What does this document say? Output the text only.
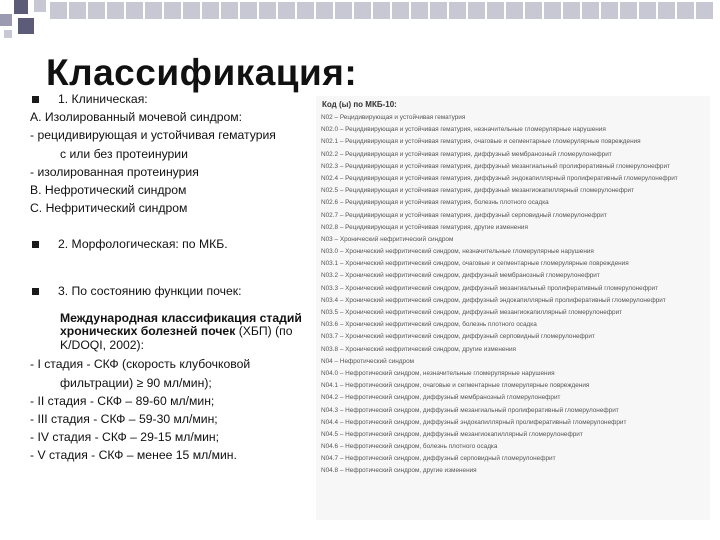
Классификация:
1. Клиническая:
А. Изолированный мочевой синдром:
- рецидивирующая и устойчивая гематурия
с или без протеинурии
- изолированная протеинурия
В. Нефротический синдром
С. Нефритический синдром
2. Морфологическая: по МКБ.
3. По состоянию функции почек:
Международная классификация стадий хронических болезней почек (ХБП) (по K/DOQI, 2002):
- I стадия - СКФ (скорость клубочковой
фильтрации) ≥ 90 мл/мин);
- II стадия - СКФ – 89-60 мл/мин;
- III стадия - СКФ – 59-30 мл/мин;
- IV стадия - СКФ – 29-15 мл/мин;
- V стадия - СКФ – менее 15 мл/мин.
Код (ы) по МКБ-10:
N02 – Рецидивирующая и устойчивая гематурия
N02.0 – Рецидивирующая и устойчивая гематурия, незначительные гломерулярные нарушения
N02.1 – Рецидивирующая и устойчивая гематурия, очаговые и сегментарные гломерулярные повреждения
N02.2 – Рецидивирующая и устойчивая гематурия, диффузный мембранозный гломерулонефрит
N02.3 – Рецидивирующая и устойчивая гематурия, диффузный мезангиальный пролиферативный гломерулонефрит
N02.4 – Рецидивирующая и устойчивая гематурия, диффузный эндокапиллярный пролиферативный гломерулонефрит
N02.5 – Рецидивирующая и устойчивая гематурия, диффузный мезангиокапиллярный гломерулонефрит
N02.6 – Рецидивирующая и устойчивая гематурия, болезнь плотного осадка
N02.7 – Рецидивирующая и устойчивая гематурия, диффузный серповидный гломерулонефрит
N02.8 – Рецидивирующая и устойчивая гематурия, другие изменения
N03 – Хронический нефритический синдром
N03.0 – Хронический нефритический синдром, незначительные гломерулярные нарушения
N03.1 – Хронический нефритический синдром, очаговые и сегментарные гломерулярные повреждения
N03.2 – Хронический нефритический синдром, диффузный мембранозный гломерулонефрит
N03.3 – Хронический нефритический синдром, диффузный мезангиальный пролиферативный гломерулонефрит
N03.4 – Хронический нефритический синдром, диффузный эндокапиллярный пролиферативный гломерулонефрит
N03.5 – Хронический нефритический синдром, диффузный мезангиокапиллярный гломерулонефрит
N03.6 – Хронический нефритический синдром, болезнь плотного осадка
N03.7 – Хронический нефритический синдром, диффузный серповидный гломерулонефрит
N03.8 – Хронический нефритический синдром, другие изменения
N04 – Нефротический синдром
N04.0 – Нефротический синдром, незначительные гломерулярные нарушения
N04.1 – Нефротический синдром, очаговые и сегментарные гломерулярные повреждения
N04.2 – Нефротический синдром, диффузный мембранозный гломерулонефрит
N04.3 – Нефротический синдром, диффузный мезангиальный пролиферативный гломерулонефрит
N04.4 – Нефротический синдром, диффузный эндокапиллярный пролиферативный гломерулонефрит
N04.5 – Нефротический синдром, диффузный мезангиокапиллярный гломерулонефрит
N04.6 – Нефротический синдром, болезнь плотного осадка
N04.7 – Нефротический синдром, диффузный серповидный гломерулонефрит
N04.8 – Нефротический синдром, другие изменения
